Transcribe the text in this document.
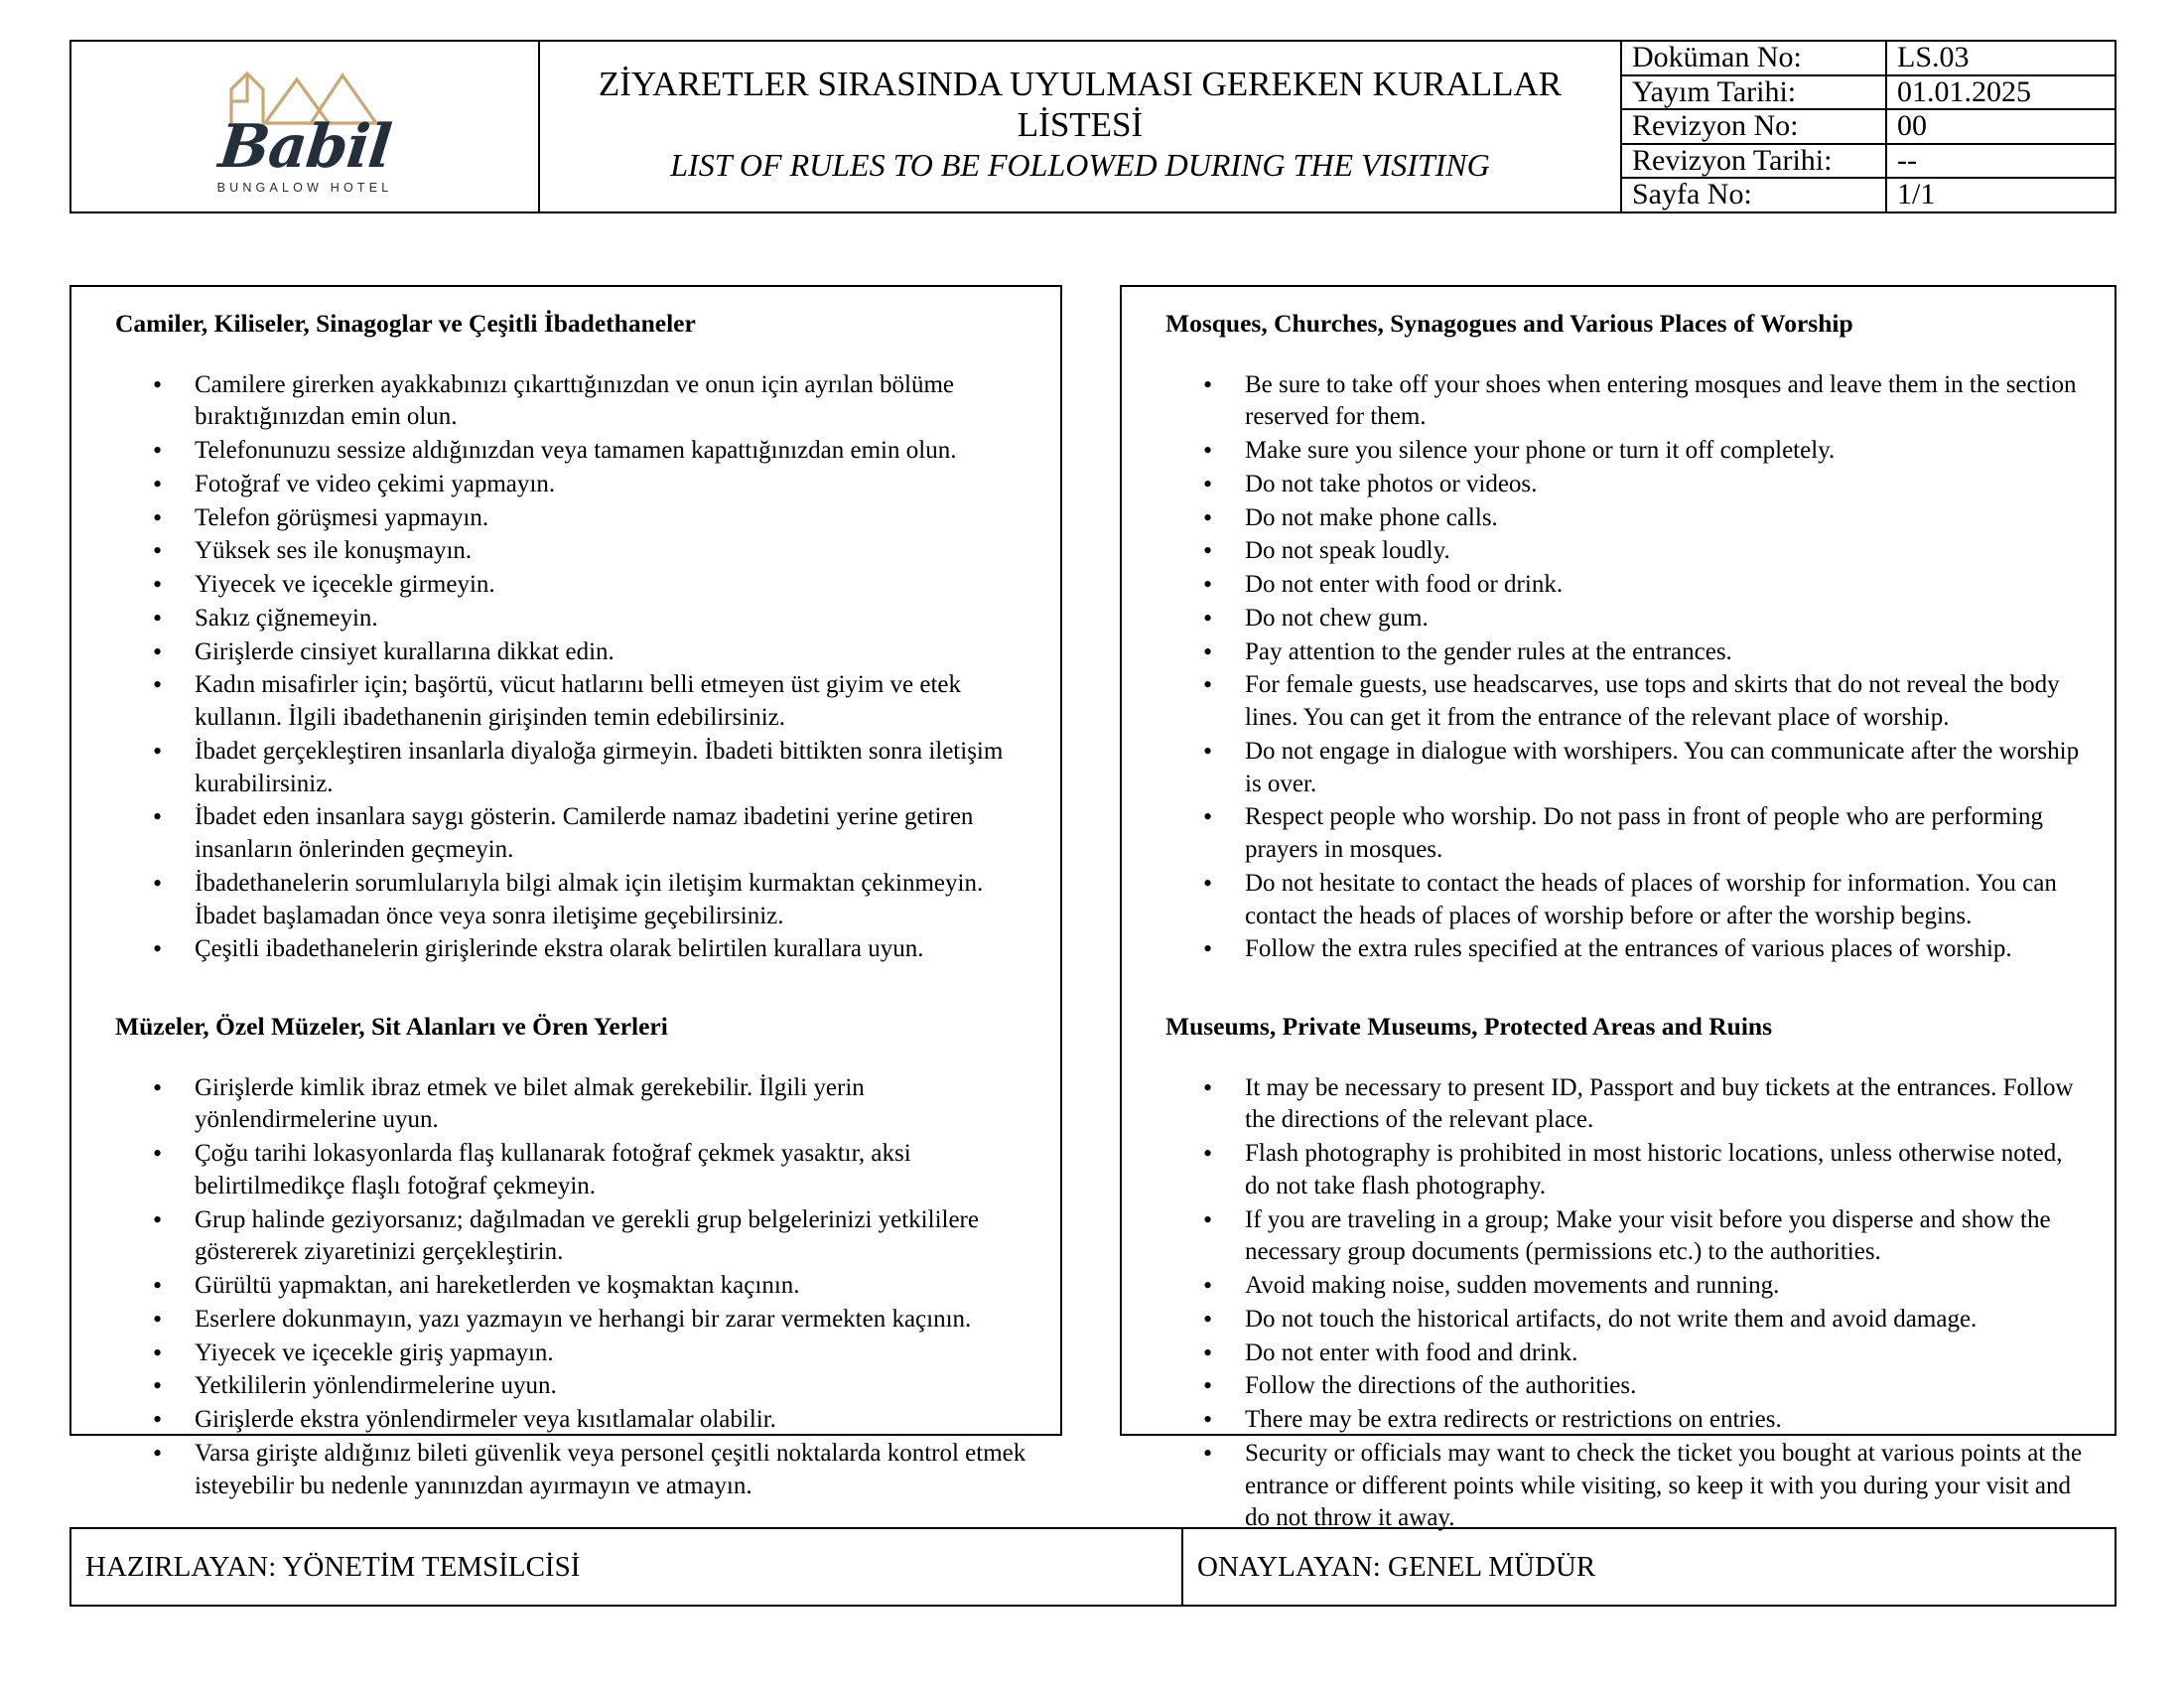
Babil
BUNGALOW HOTEL

ZİYARETLER SIRASINDA UYULMASI GEREKEN KURALLAR LİSTESİ
LIST OF RULES TO BE FOLLOWED DURING THE VISITING
	Doküman No:	LS.03
		Yayım Tarihi:	01.01.2025
		Revizyon No:	00
		Revizyon Tarihi:	--
		Sayfa No:	1/1
Camiler, Kiliseler, Sinagoglar ve Çeşitli İbadethaneler
• Camilere girerken ayakkabınızı çıkarttığınızdan ve onun için ayrılan bölüme bıraktığınızdan emin olun.
• Telefonunuzu sessize aldığınızdan veya tamamen kapattığınızdan emin olun.
• Fotoğraf ve video çekimi yapmayın.
• Telefon görüşmesi yapmayın.
• Yüksek ses ile konuşmayın.
• Yiyecek ve içecekle girmeyin.
• Sakız çiğnemeyin.
• Girişlerde cinsiyet kurallarına dikkat edin.
• Kadın misafirler için; başörtü, vücut hatlarını belli etmeyen üst giyim ve etek kullanın. İlgili ibadethanenin girişinden temin edebilirsiniz.
• İbadet gerçekleştiren insanlarla diyaloğa girmeyin. İbadeti bittikten sonra iletişim kurabilirsiniz.
• İbadet eden insanlara saygı gösterin. Camilerde namaz ibadetini yerine getiren insanların önlerinden geçmeyin.
• İbadethanelerin sorumlularıyla bilgi almak için iletişim kurmaktan çekinmeyin. İbadet başlamadan önce veya sonra iletişime geçebilirsiniz.
• Çeşitli ibadethanelerin girişlerinde ekstra olarak belirtilen kurallara uyun.
Müzeler, Özel Müzeler, Sit Alanları ve Ören Yerleri
• Girişlerde kimlik ibraz etmek ve bilet almak gerekebilir. İlgili yerin yönlendirmelerine uyun.
• Çoğu tarihi lokasyonlarda flaş kullanarak fotoğraf çekmek yasaktır, aksi belirtilmedikçe flaşlı fotoğraf çekmeyin.
• Grup halinde geziyorsanız; dağılmadan ve gerekli grup belgelerinizi yetkililere göstererek ziyaretinizi gerçekleştirin.
• Gürültü yapmaktan, ani hareketlerden ve koşmaktan kaçının.
• Eserlere dokunmayın, yazı yazmayın ve herhangi bir zarar vermekten kaçının.
• Yiyecek ve içecekle giriş yapmayın.
• Yetkililerin yönlendirmelerine uyun.
• Girişlerde ekstra yönlendirmeler veya kısıtlamalar olabilir.
• Varsa girişte aldığınız bileti güvenlik veya personel çeşitli noktalarda kontrol etmek isteyebilir bu nedenle yanınızdan ayırmayın ve atmayın.
Mosques, Churches, Synagogues and Various Places of Worship
• Be sure to take off your shoes when entering mosques and leave them in the section reserved for them.
• Make sure you silence your phone or turn it off completely.
• Do not take photos or videos.
• Do not make phone calls.
• Do not speak loudly.
• Do not enter with food or drink.
• Do not chew gum.
• Pay attention to the gender rules at the entrances.
• For female guests, use headscarves, use tops and skirts that do not reveal the body lines. You can get it from the entrance of the relevant place of worship.
• Do not engage in dialogue with worshipers. You can communicate after the worship is over.
• Respect people who worship. Do not pass in front of people who are performing prayers in mosques.
• Do not hesitate to contact the heads of places of worship for information. You can contact the heads of places of worship before or after the worship begins.
• Follow the extra rules specified at the entrances of various places of worship.
Museums, Private Museums, Protected Areas and Ruins
• It may be necessary to present ID, Passport and buy tickets at the entrances. Follow the directions of the relevant place.
• Flash photography is prohibited in most historic locations, unless otherwise noted, do not take flash photography.
• If you are traveling in a group; Make your visit before you disperse and show the necessary group documents (permissions etc.) to the authorities.
• Avoid making noise, sudden movements and running.
• Do not touch the historical artifacts, do not write them and avoid damage.
• Do not enter with food and drink.
• Follow the directions of the authorities.
• There may be extra redirects or restrictions on entries.
• Security or officials may want to check the ticket you bought at various points at the entrance or different points while visiting, so keep it with you during your visit and do not throw it away.
HAZIRLAYAN: YÖNETİM TEMSİLCİSİ	ONAYLAYAN: GENEL MÜDÜR
